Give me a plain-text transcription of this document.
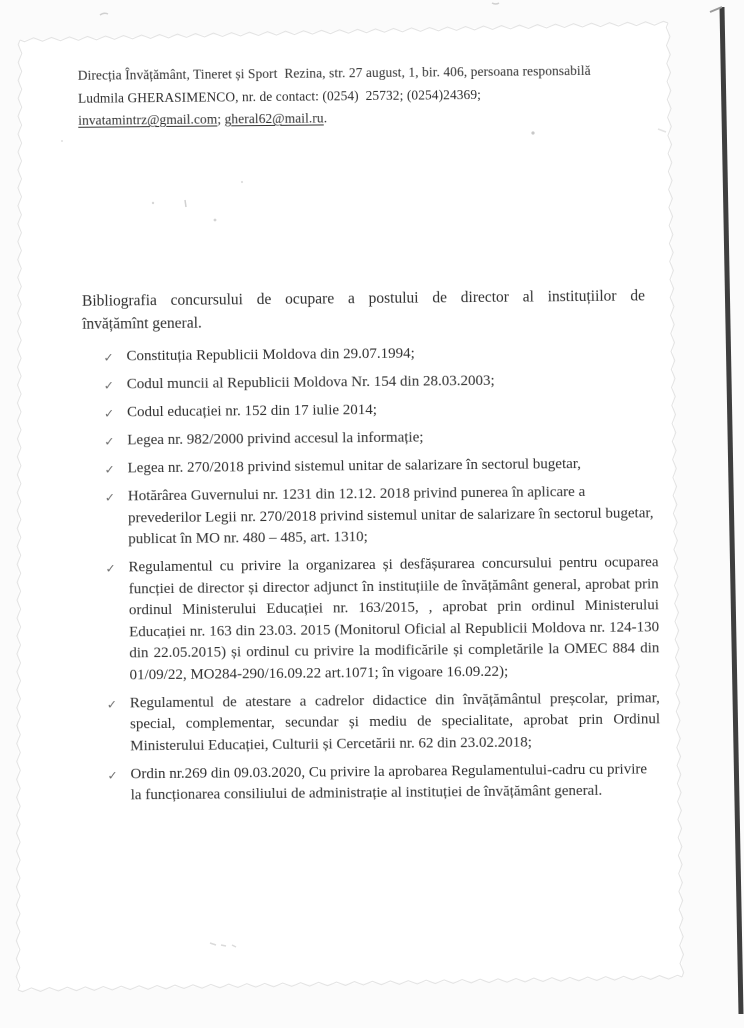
Direcția Învățământ, Tineret și Sport  Rezina, str. 27 august, 1, bir. 406, persoana responsabilă
Ludmila GHERASIMENCO, nr. de contact: (0254)  25732; (0254)24369;
invatamintrz@gmail.com; gheral62@mail.ru.
Bibliografia concursului de ocupare a postului de director al instituțiilor de
învățămînt general.
✓ Constituția Republicii Moldova din 29.07.1994;

✓ Codul muncii al Republicii Moldova Nr. 154 din 28.03.2003;

✓ Codul educației nr. 152 din 17 iulie 2014;

✓ Legea nr. 982/2000 privind accesul la informație;

✓ Legea nr. 270/2018 privind sistemul unitar de salarizare în sectorul bugetar,

✓ Hotărârea Guvernului nr. 1231 din 12.12. 2018 privind punerea în aplicare a prevederilor Legii nr. 270/2018 privind sistemul unitar de salarizare în sectorul bugetar, publicat în MO nr. 480 – 485, art. 1310;

✓ Regulamentul cu privire la organizarea și desfășurarea concursului pentru ocuparea funcției de director și director adjunct în instituțiile de învățământ general, aprobat prin ordinul Ministerului Educației nr. 163/2015, , aprobat prin ordinul Ministerului Educației nr. 163 din 23.03. 2015 (Monitorul Oficial al Republicii Moldova nr. 124-130 din 22.05.2015) și ordinul cu privire la modificările și completările la OMEC 884 din 01/09/22, MO284-290/16.09.22 art.1071; în vigoare 16.09.22);

✓ Regulamentul de atestare a cadrelor didactice din învățământul preșcolar, primar, special, complementar, secundar și mediu de specialitate, aprobat prin Ordinul Ministerului Educației, Culturii și Cercetării nr. 62 din 23.02.2018;

✓ Ordin nr.269 din 09.03.2020, Cu privire la aprobarea Regulamentului-cadru cu privire la funcționarea consiliului de administrație al instituției de învățământ general.
